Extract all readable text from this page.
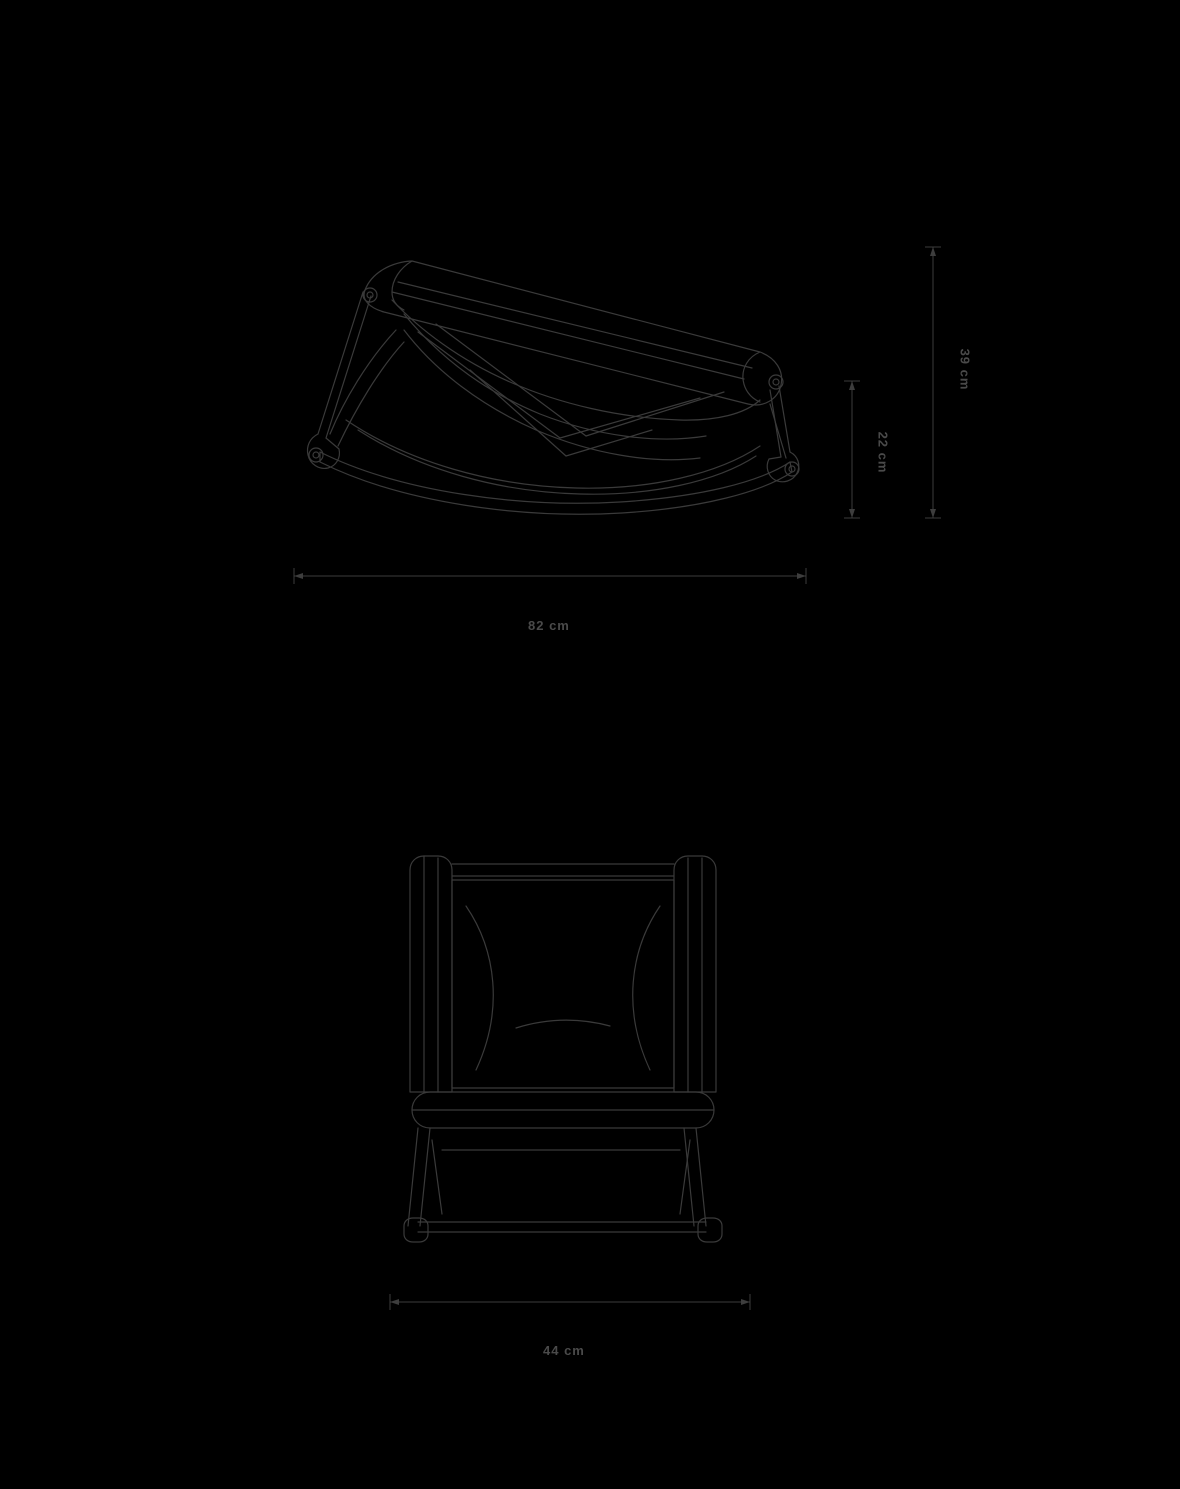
82 cm
22 cm
39 cm
44 cm
